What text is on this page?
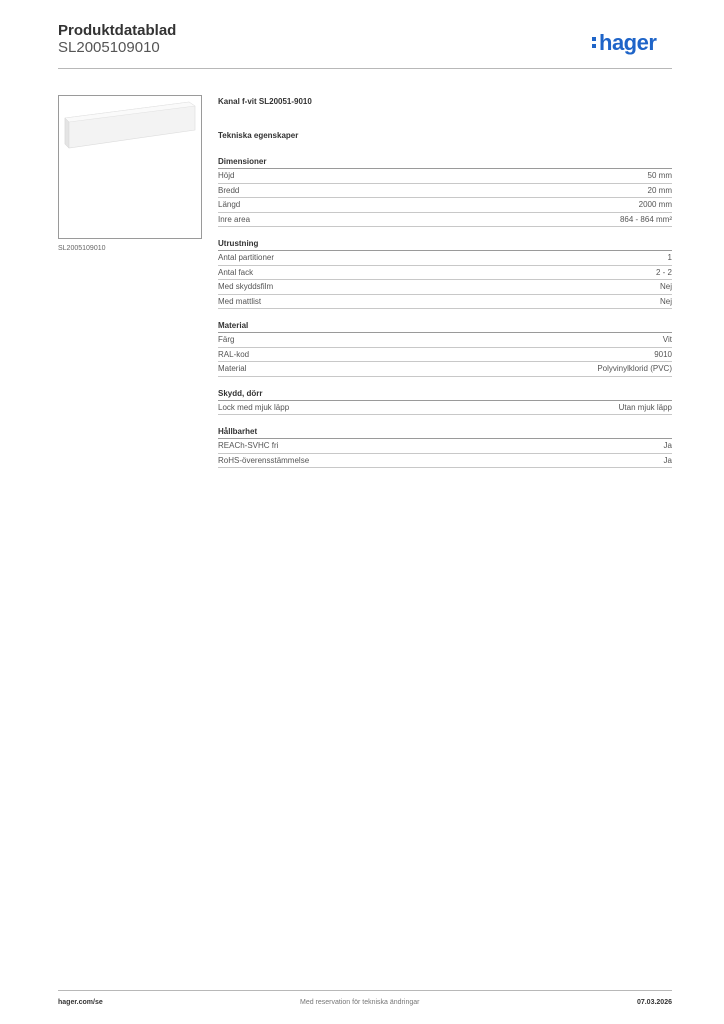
Produktdatablad
SL2005109010	hager
SL2005109010
Kanal f-vit SL20051-9010
Tekniska egenskaper
Dimensioner
Höjd	50 mm
Bredd	20 mm
Längd	2000 mm
Inre area	864 - 864 mm²
Utrustning
Antal partitioner	1
Antal fack	2 - 2
Med skyddsfilm	Nej
Med mattlist	Nej
Material
Färg	Vit
RAL-kod	9010
Material	Polyvinylklorid (PVC)
Skydd, dörr
Lock med mjuk läpp	Utan mjuk läpp
Hållbarhet
REACh-SVHC fri	Ja
RoHS-överensstämmelse	Ja
hager.com/se	Med reservation för tekniska ändringar	07.03.2026
